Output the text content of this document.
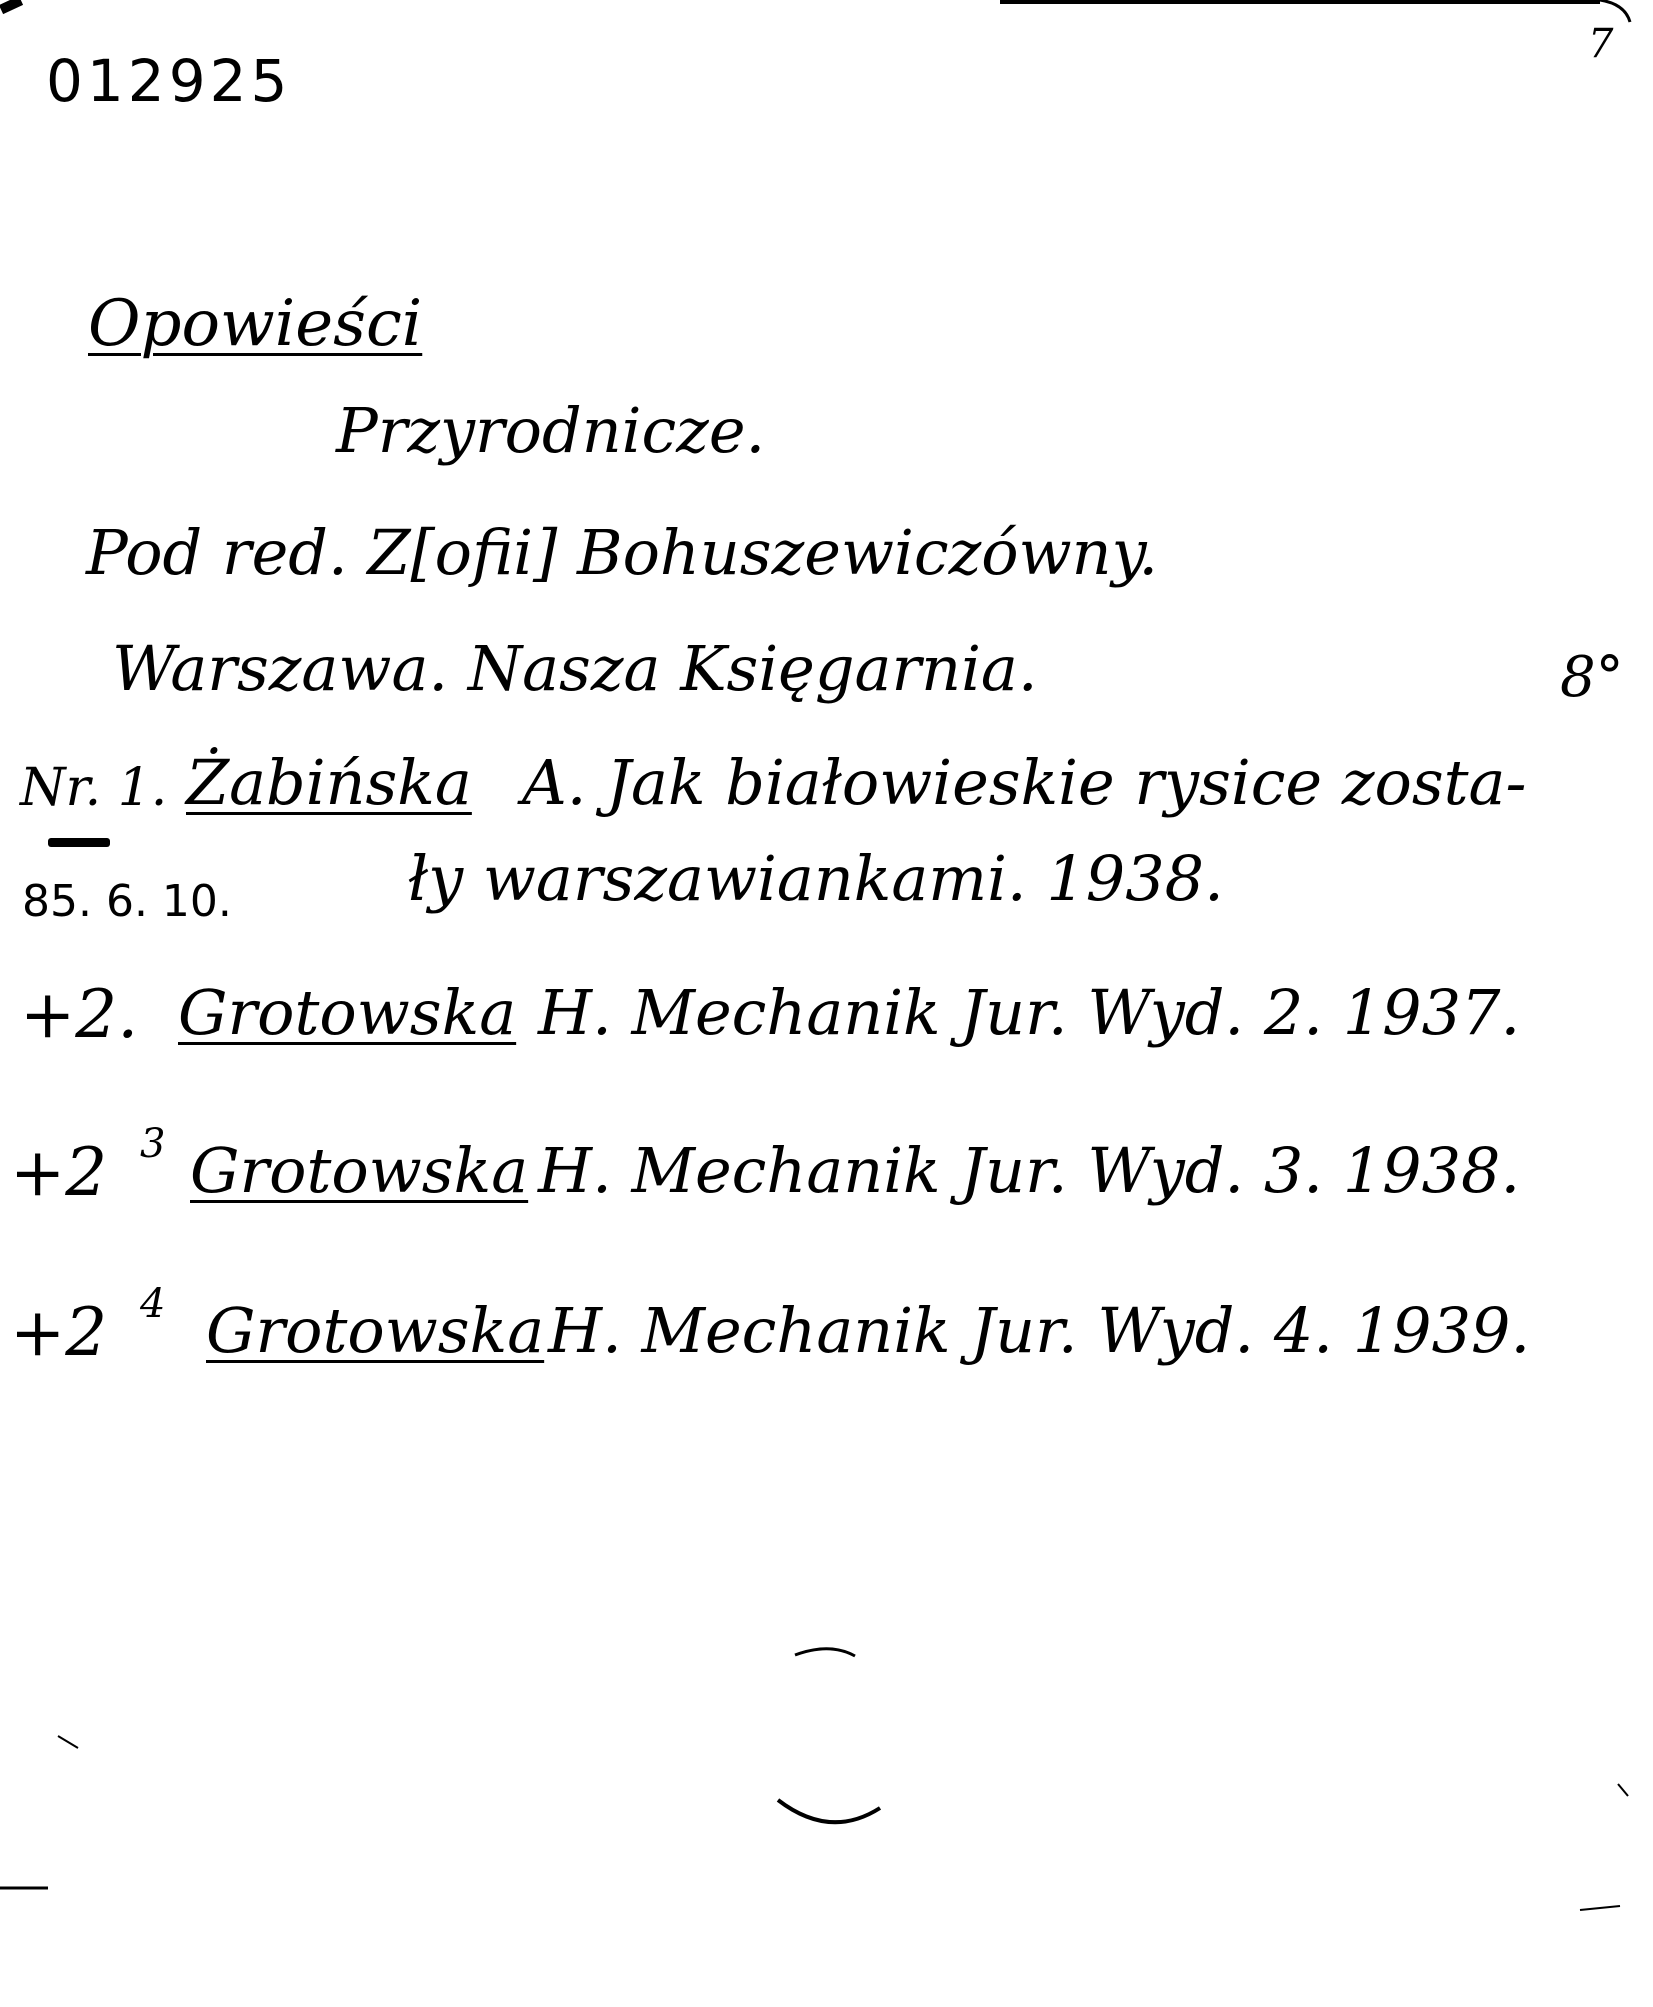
012925
7
Opowieści
Przyrodnicze.
Pod red. Z[ofii] Bohuszewiczówny.
Warszawa. Nasza Księgarnia.	8°
Nr. 1. Żabińska A. Jak białowieskie rysice zosta-
85. 6. 10.	ły warszawiankami. 1938.
+2. Grotowska H. Mechanik Jur. Wyd. 2. 1937.
+2 3 Grotowska H. Mechanik Jur. Wyd. 3. 1938.
+2 4 Grotowska H. Mechanik Jur. Wyd. 4. 1939.
